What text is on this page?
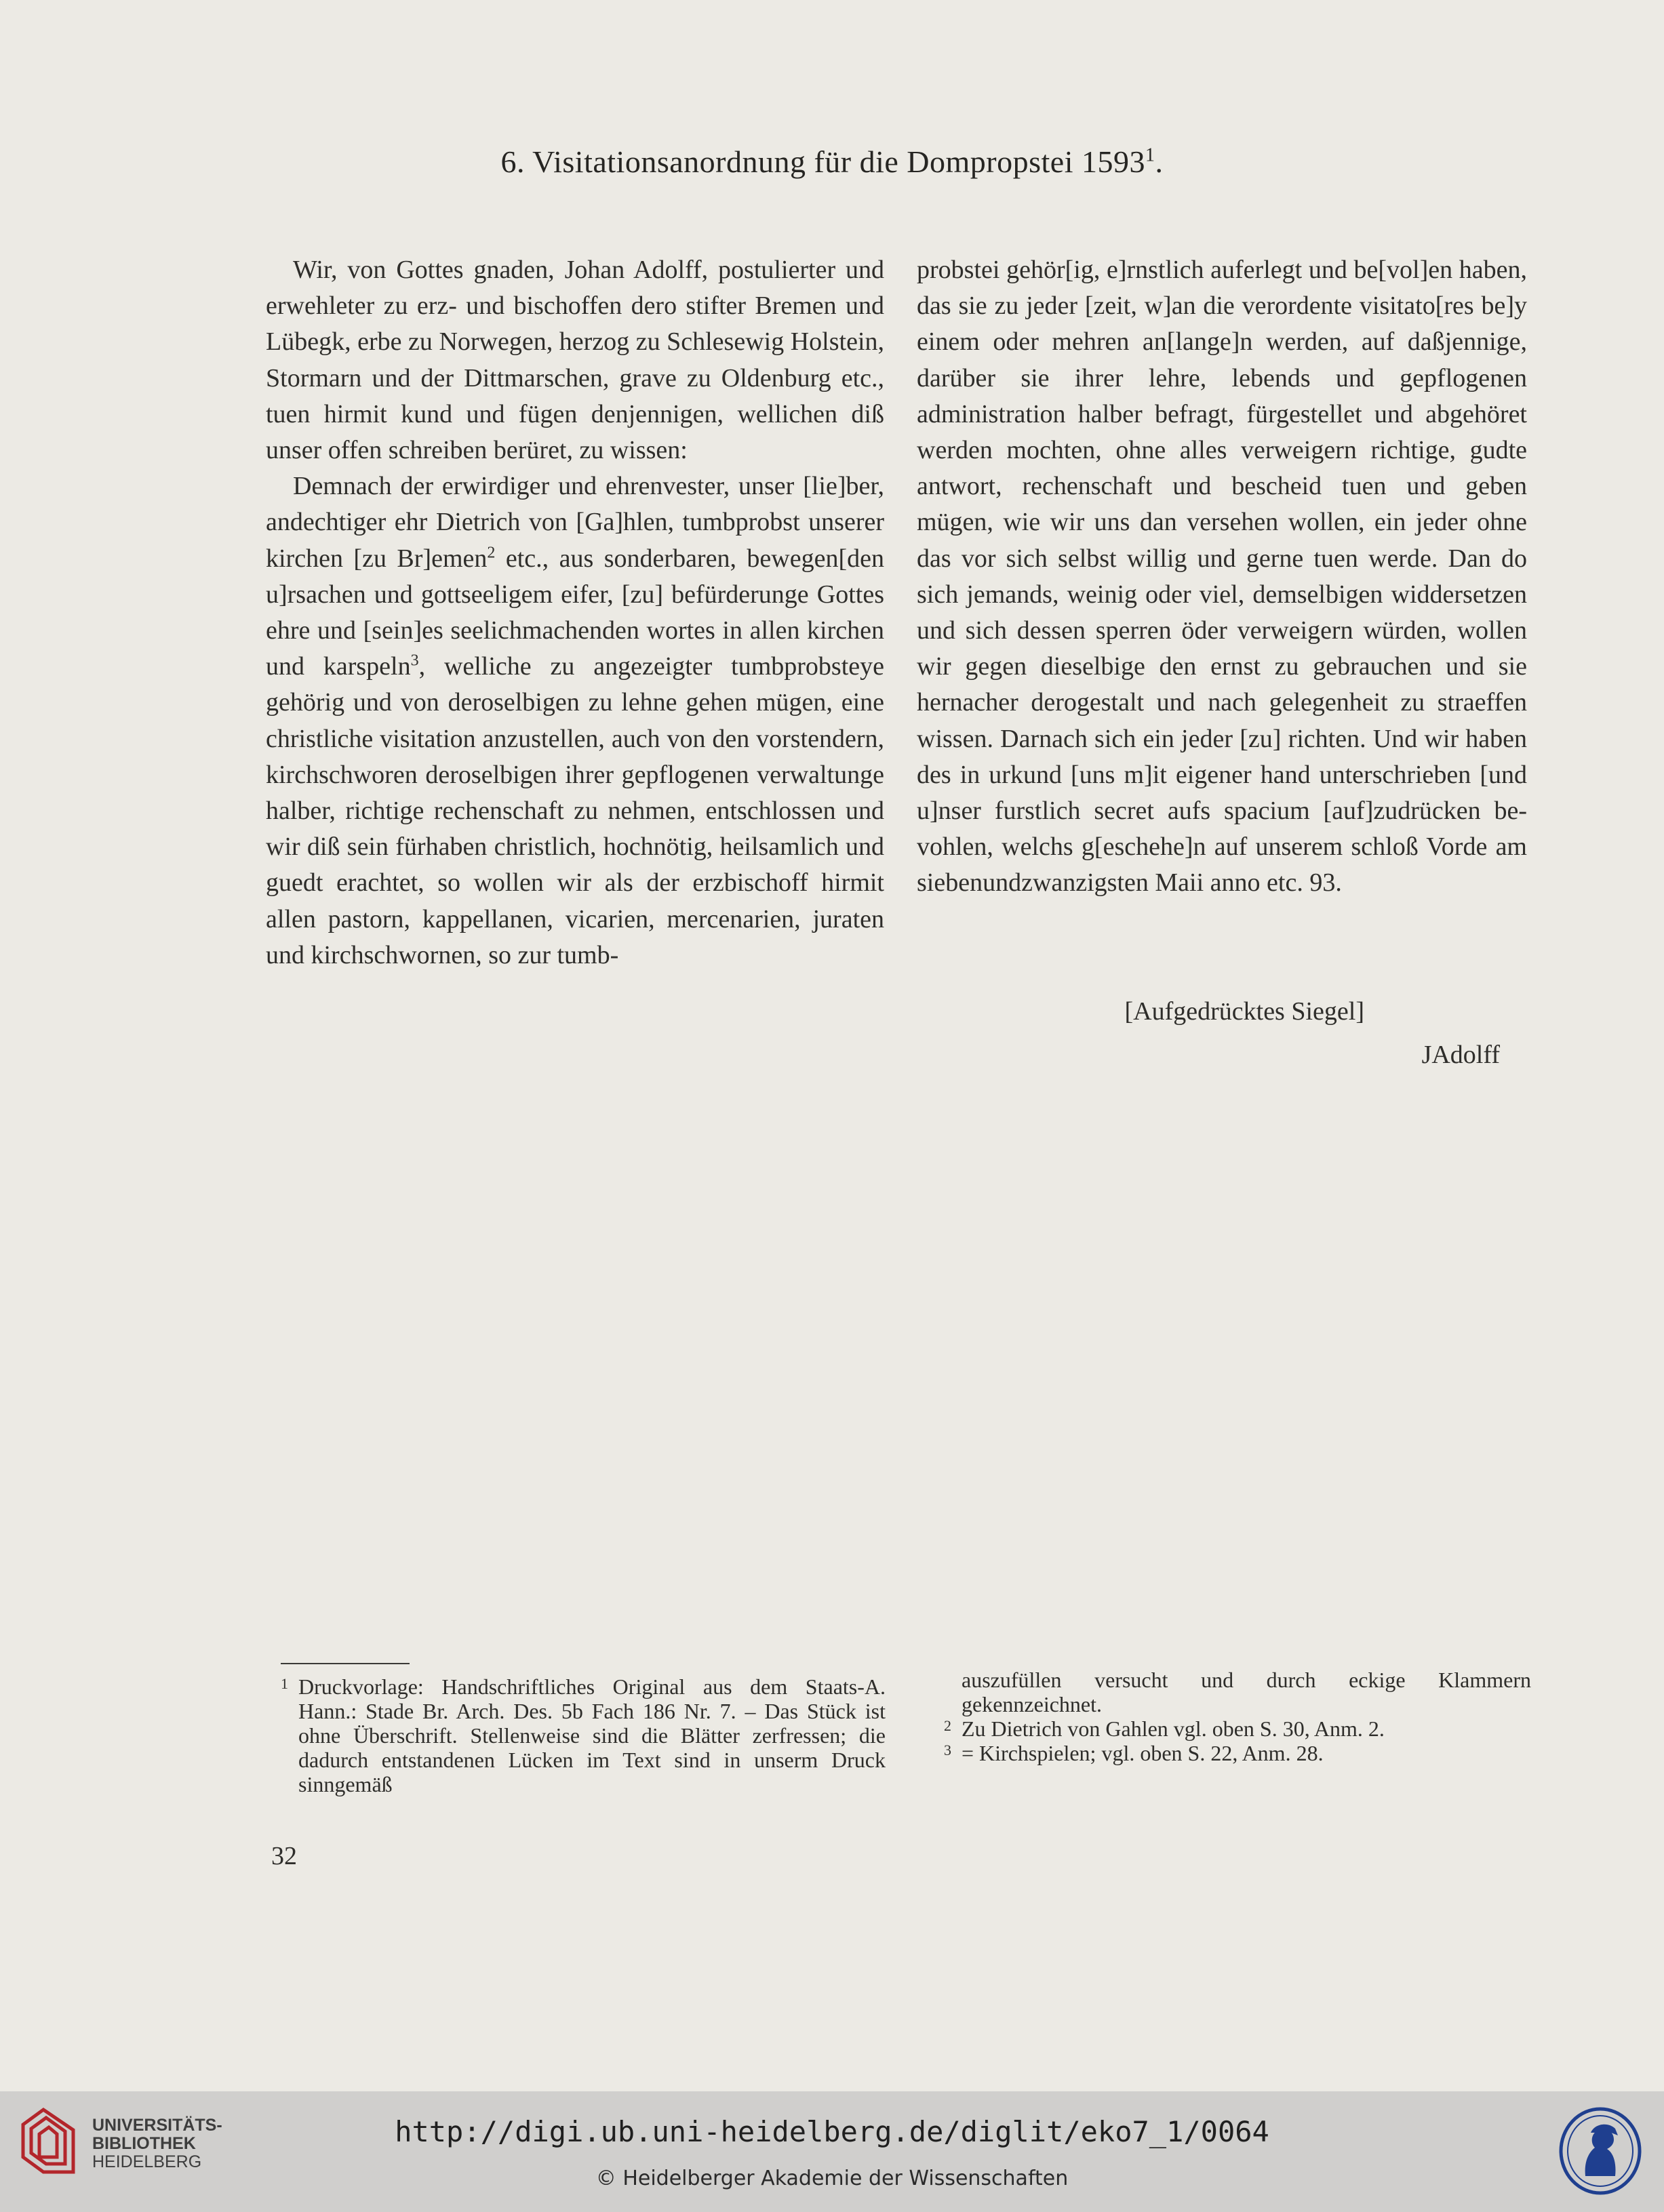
6. Visitationsanordnung für die Dompropstei 1593$^1$.

Wir, von Gottes gnaden, Johan Adolff, postulierter und erwehleter zu erz- und bischoffen dero stifter Bremen und Lübegk, erbe zu Norwegen, herzog zu Schlesewig Holstein, Stormarn und der Dittmarschen, grave zu Oldenburg etc., tuen hirmit kund und fügen denjennigen, wellichen diß unser offen schreiben berüret, zu wissen:

Demnach der erwirdiger und ehrenvester, unser [lie]ber, andechtiger ehr Dietrich von [Ga]hlen, tumbprobst unserer kirchen [zu Br]emen$^2$ etc., aus sonderbaren, bewegen[den u]rsachen und gottseeligem eifer, [zu] befürderunge Gottes ehre und [sein]es seelichmachenden wortes in allen kirchen und karspeln$^3$, welliche zu angezeigter tumbprobsteye gehörig und von deroselbigen zu lehne gehen mügen, eine christliche visitation anzustellen, auch von den vorstendern, kirchschworen deroselbigen ihrer gepflogenen verwaltunge halber, richtige rechenschaft zu nehmen, entschlossen und wir diß sein fürhaben christlich, hochnötig, heilsamlich und guedt erachtet, so wollen wir als der erzbischoff hirmit allen pastorn, kappellanen, vicarien, mercenarien, juraten und kirchschwornen, so zur tumb-

probstei gehör[ig, e]rnstlich auferlegt und be[vol]en haben, das sie zu jeder [zeit, w]an die verordente visitato[res be]y einem oder mehren an[lange]n werden, auf daßjennige, darüber sie ihrer lehre, lebends und gepflogenen administration halber befragt, fürgestellet und abgehöret werden mochten, ohne alles verweigern richtige, gudte antwort, rechenschaft und bescheid tuen und geben mügen, wie wir uns dan versehen wollen, ein jeder ohne das vor sich selbst willig und gerne tuen werde. Dan do sich jemands, weinig oder viel, demselbigen widdersetzen und sich dessen sperren öder verweigern würden, wollen wir gegen dieselbige den ernst zu gebrauchen und sie hernacher derogestalt und nach gelegenheit zu straeffen wissen. Darnach sich ein jeder [zu] richten. Und wir haben des in urkund [uns m]it eigener hand unterschrieben [und u]nser furstlich secret aufs spacium [auf]zudrücken bevohlen, welchs g[eschehe]n auf unserem schloß Vorde am siebenundzwanzigsten Maii anno etc. 93.

[Aufgedrücktes Siegel]
JAdolff
1 Druckvorlage: Handschriftliches Original aus dem Staats-A. Hann.: Stade Br. Arch. Des. 5b Fach 186 Nr. 7. – Das Stück ist ohne Überschrift. Stellenweise sind die Blätter zerfressen; die dadurch entstandenen Lücken im Text sind in unserm Druck sinngemäß
auszufüllen versucht und durch eckige Klammern gekennzeichnet.
2 Zu Dietrich von Gahlen vgl. oben S. 30, Anm. 2.
3 = Kirchspielen; vgl. oben S. 22, Anm. 28.
32
UNIVERSITÄTS-
BIBLIOTHEK
HEIDELBERG
http://digi.ub.uni-heidelberg.de/diglit/eko7_1/0064
© Heidelberger Akademie der Wissenschaften
